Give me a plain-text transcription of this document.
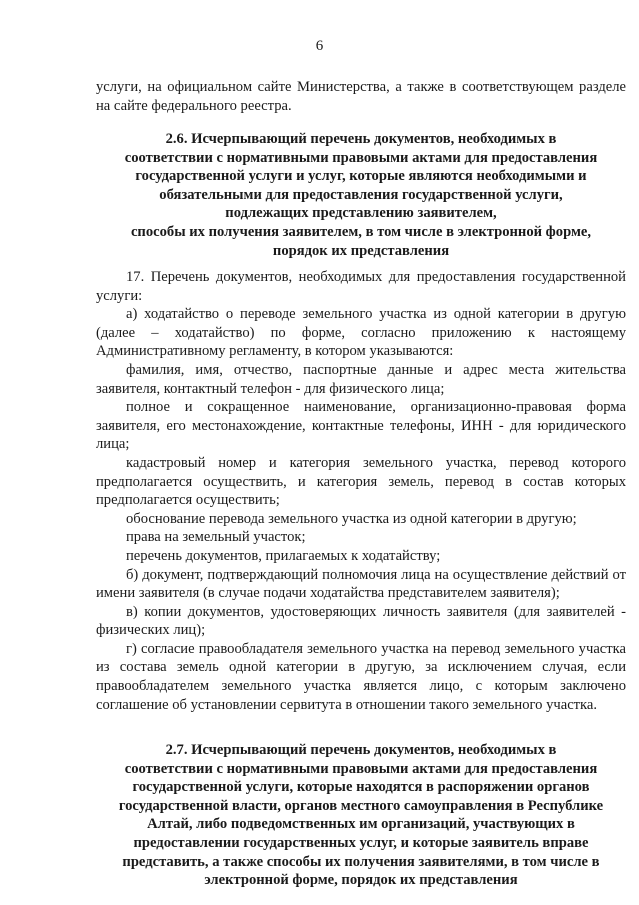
6

услуги, на официальном сайте Министерства, а также в соответствующем разделе на сайте федерального реестра.

2.6. Исчерпывающий перечень документов, необходимых в
соответствии с нормативными правовыми актами для предоставления
государственной услуги и услуг, которые являются необходимыми и
обязательными для предоставления государственной услуги,
подлежащих представлению заявителем,
способы их получения заявителем, в том числе в электронной форме,
порядок их представления

17. Перечень документов, необходимых для предоставления государственной услуги:

а) ходатайство о переводе земельного участка из одной категории в другую (далее – ходатайство) по форме, согласно приложению к настоящему Административному регламенту, в котором указываются:

фамилия, имя, отчество, паспортные данные и адрес места жительства заявителя, контактный телефон - для физического лица;

полное и сокращенное наименование, организационно-правовая форма заявителя, его местонахождение, контактные телефоны, ИНН - для юридического лица;

кадастровый номер и категория земельного участка, перевод которого предполагается осуществить, и категория земель, перевод в состав которых предполагается осуществить;

обоснование перевода земельного участка из одной категории в другую;

права на земельный участок;

перечень документов, прилагаемых к ходатайству;

б) документ, подтверждающий полномочия лица на осуществление действий от имени заявителя (в случае подачи ходатайства представителем заявителя);

в) копии документов, удостоверяющих личность заявителя (для заявителей - физических лиц);

г) согласие правообладателя земельного участка на перевод земельного участка из состава земель одной категории в другую, за исключением случая, если правообладателем земельного участка является лицо, с которым заключено соглашение об установлении сервитута в отношении такого земельного участка.

2.7. Исчерпывающий перечень документов, необходимых в
соответствии с нормативными правовыми актами для предоставления
государственной услуги, которые находятся в распоряжении органов
государственной власти, органов местного самоуправления в Республике
Алтай, либо подведомственных им организаций, участвующих в
предоставлении государственных услуг, и которые заявитель вправе
представить, а также способы их получения заявителями, в том числе в
электронной форме, порядок их представления
